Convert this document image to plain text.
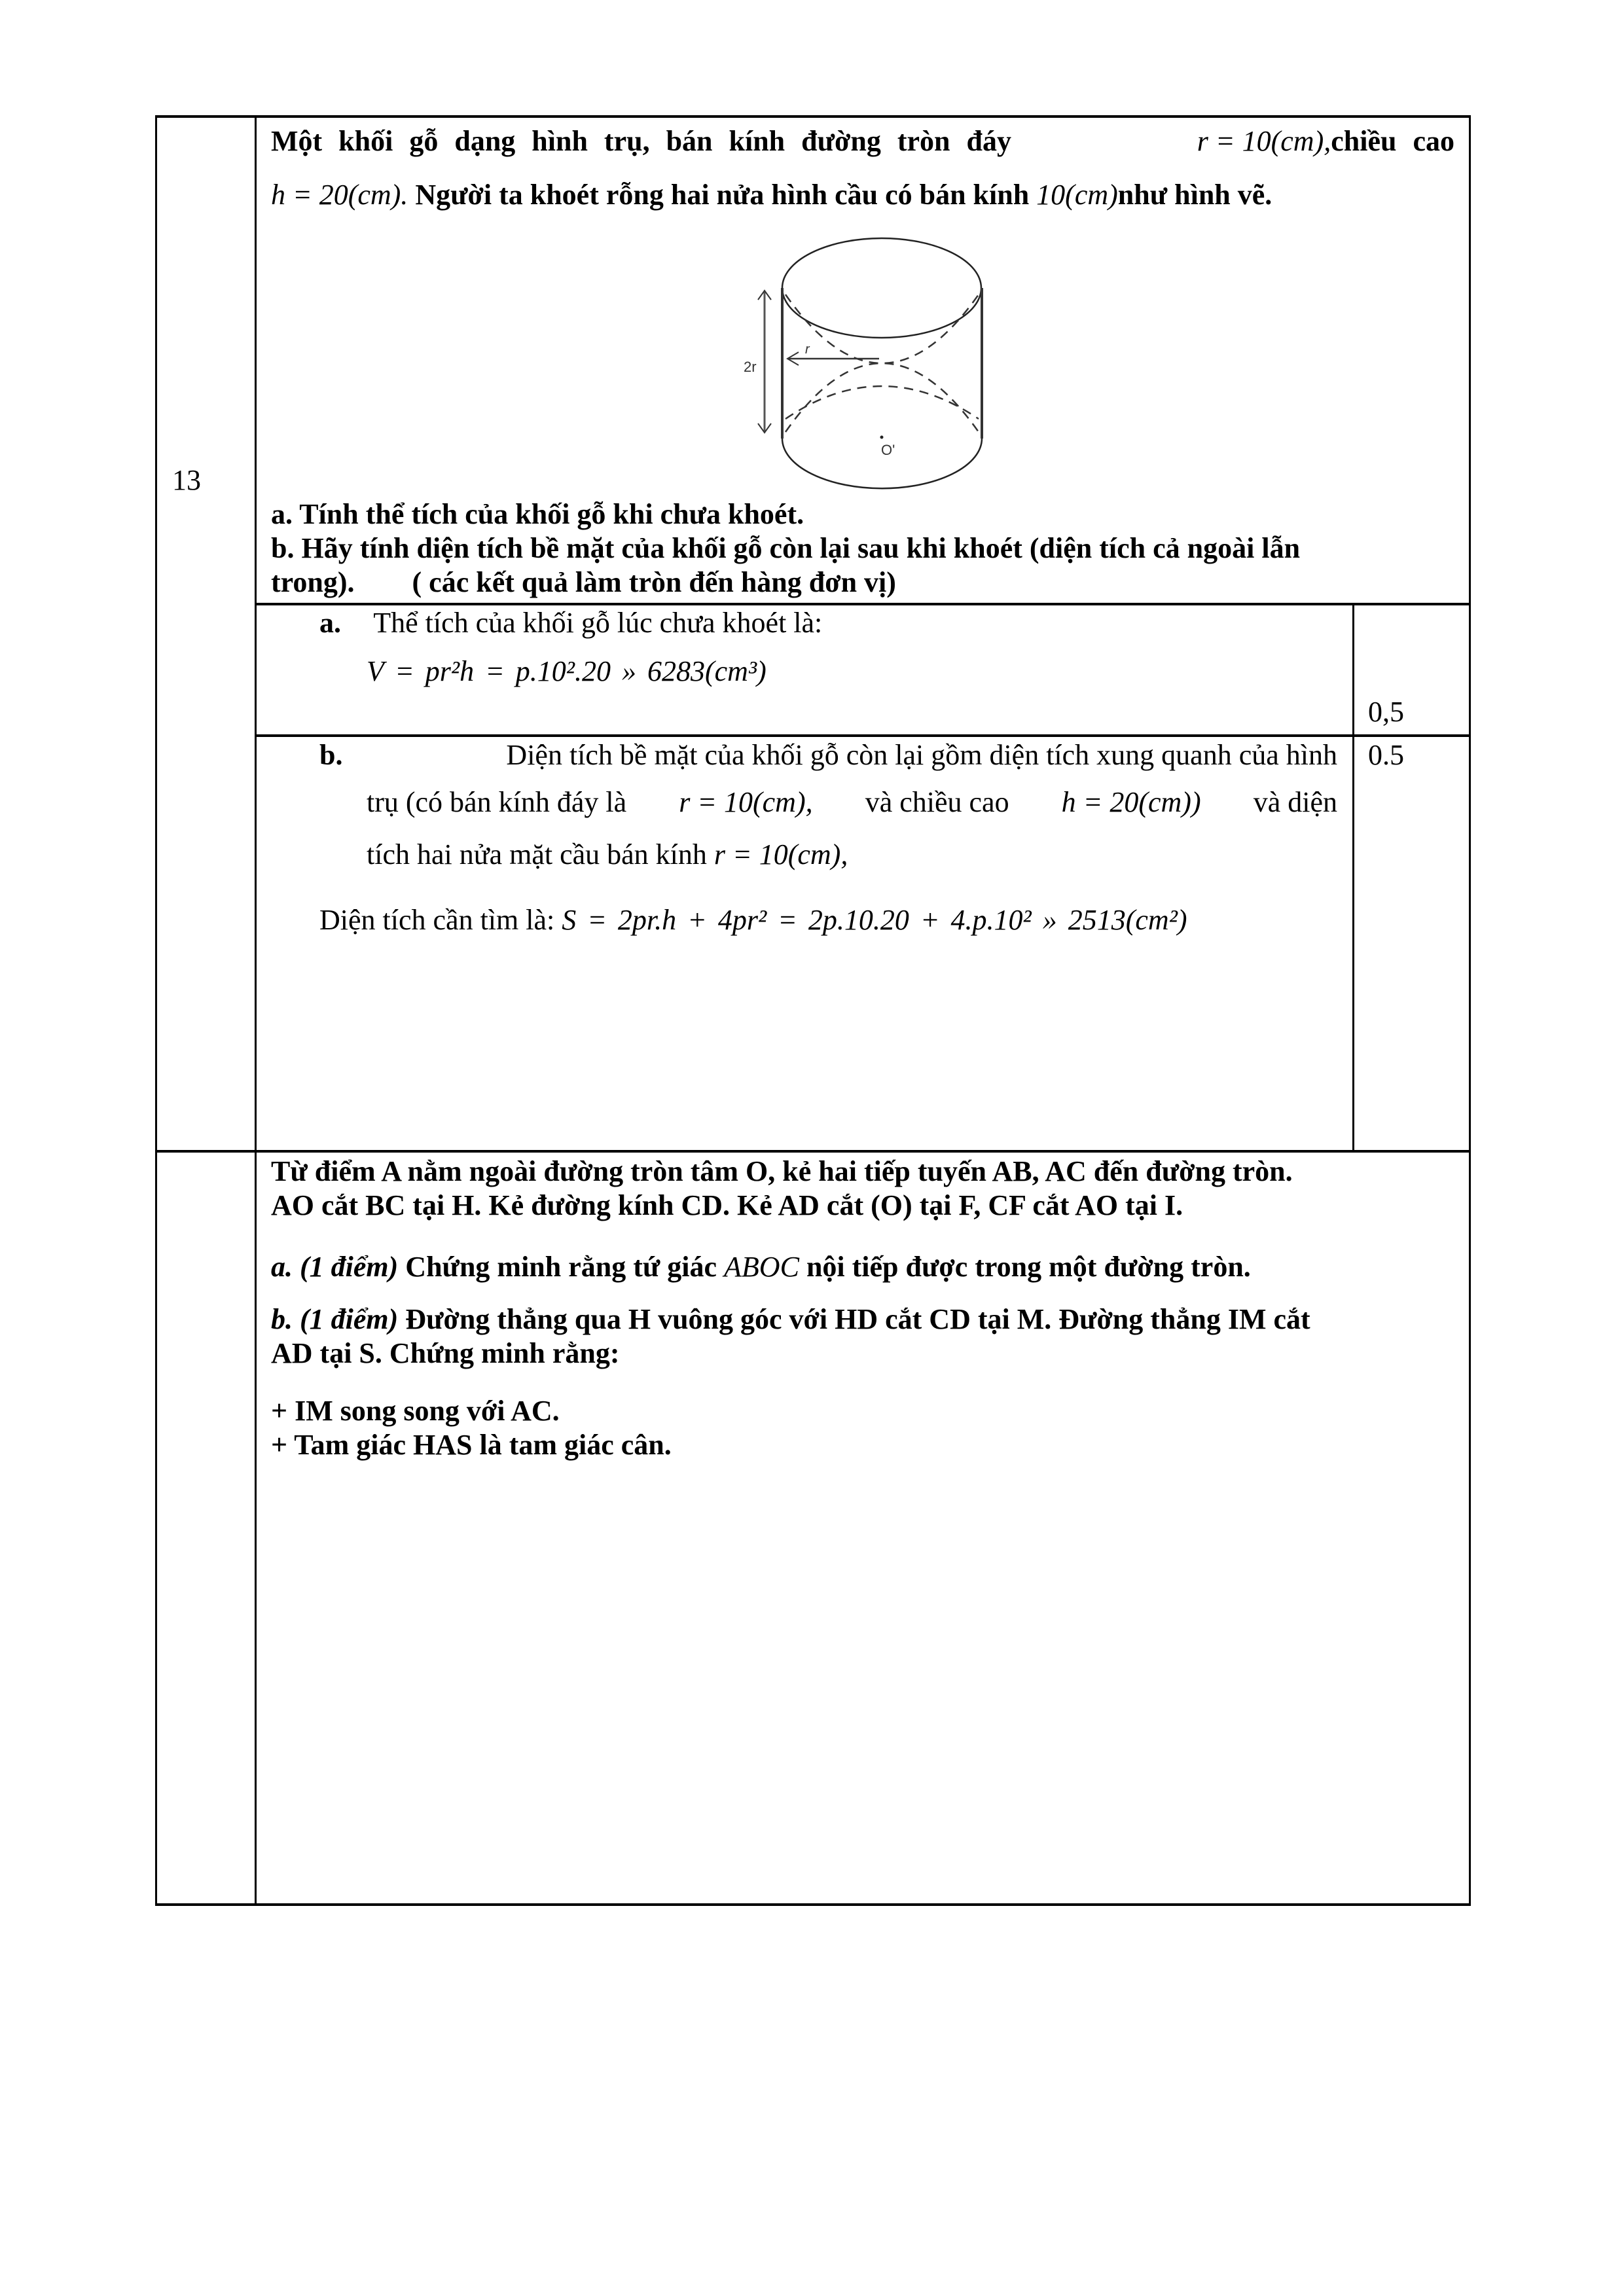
13
Một khối gỗ dạng hình trụ, bán kính đường tròn đáy	r = 10(cm),chiều cao
h = 20(cm). Người ta khoét rỗng hai nửa hình cầu có bán kính 10(cm)như hình vẽ.
r
2r
O'
a. Tính thể tích của khối gỗ khi chưa khoét.
b. Hãy tính diện tích bề mặt của khối gỗ còn lại sau khi khoét (diện tích cả ngoài lẫn
trong).        ( các kết quả làm tròn đến hàng đơn vị)
a. Thể tích của khối gỗ lúc chưa khoét là:
V = pr²h = p.10².20 » 6283(cm³)
0,5
b.	Diện tích bề mặt của khối gỗ còn lại gồm diện tích xung quanh của hình
trụ (có bán kính đáy là r = 10(cm), và chiều cao h = 20(cm)) và diện
tích hai nửa mặt cầu bán kính r = 10(cm),
Diện tích cần tìm là: S = 2pr.h + 4pr² = 2p.10.20 + 4.p.10² » 2513(cm²)
0.5
Từ điểm A nằm ngoài đường tròn tâm O, kẻ hai tiếp tuyến AB, AC đến đường tròn.
AO cắt BC tại H. Kẻ đường kính CD. Kẻ AD cắt (O) tại F, CF cắt AO tại I.
a. (1 điểm) Chứng minh rằng tứ giác ABOC nội tiếp được trong một đường tròn.
b. (1 điểm) Đường thẳng qua H vuông góc với HD cắt CD tại M. Đường thẳng IM cắt
AD tại S. Chứng minh rằng:
+ IM song song với AC.
+ Tam giác HAS là tam giác cân.
